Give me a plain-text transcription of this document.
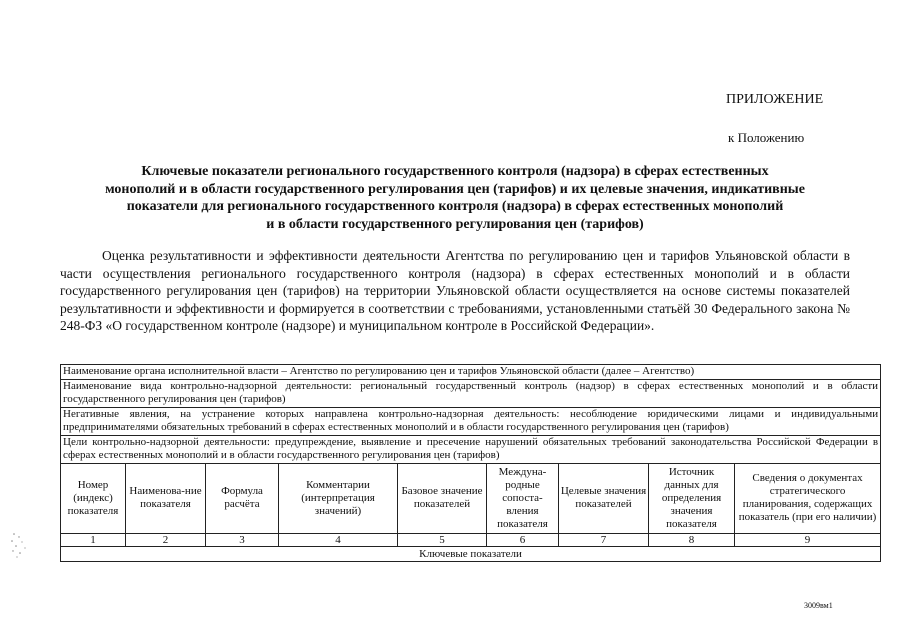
ПРИЛОЖЕНИЕ
к Положению
Ключевые показатели регионального государственного контроля (надзора) в сферах естественных
монополий и в области государственного регулирования цен (тарифов) и их целевые значения, индикативные
показатели для регионального государственного контроля (надзора) в сферах естественных монополий
и в области государственного регулирования цен (тарифов)
Оценка результативности и эффективности деятельности Агентства по регулированию цен и тарифов Ульяновской области в части осуществления регионального государственного контроля (надзора) в сферах естественных монополий и в области государственного регулирования цен (тарифов) на территории Ульяновской области осуществляется на основе системы показателей результативности и эффективности и формируется в соответствии с требованиями, установленными статьёй 30 Федерального закона № 248-ФЗ «О государственном контроле (надзоре) и муниципальном контроле в Российской Федерации».
Наименование органа исполнительной власти – Агентство по регулированию цен и тарифов Ульяновской области (далее – Агентство)								
Наименование вида контрольно-надзорной деятельности: региональный государственный контроль (надзор) в сферах естественных монополий и в области государственного регулирования цен (тарифов)								
Негативные явления, на устранение которых направлена контрольно-надзорная деятельность: несоблюдение юридическими лицами и индивидуальными предпринимателями обязательных требований в сферах естественных монополий и в области государственного регулирования цен (тарифов)								
Цели контрольно-надзорной деятельности: предупреждение, выявление и пресечение нарушений обязательных требований законодательства Российской Федерации в сферах естественных монополий и в области государственного регулирования цен (тарифов)								
Номер (индекс) показателя	Наименова-ние показателя	Формула расчёта	Комментарии (интерпретация значений)	Базовое значение показателей	Междуна-родные сопоста-вления показателя	Целевые значения показателей	Источник данных для определения значения показателя	Сведения о документах стратегического планирования, содержащих показатель (при его наличии)
1	2	3	4	5	6	7	8	9
Ключевые показатели								
3009вм1
